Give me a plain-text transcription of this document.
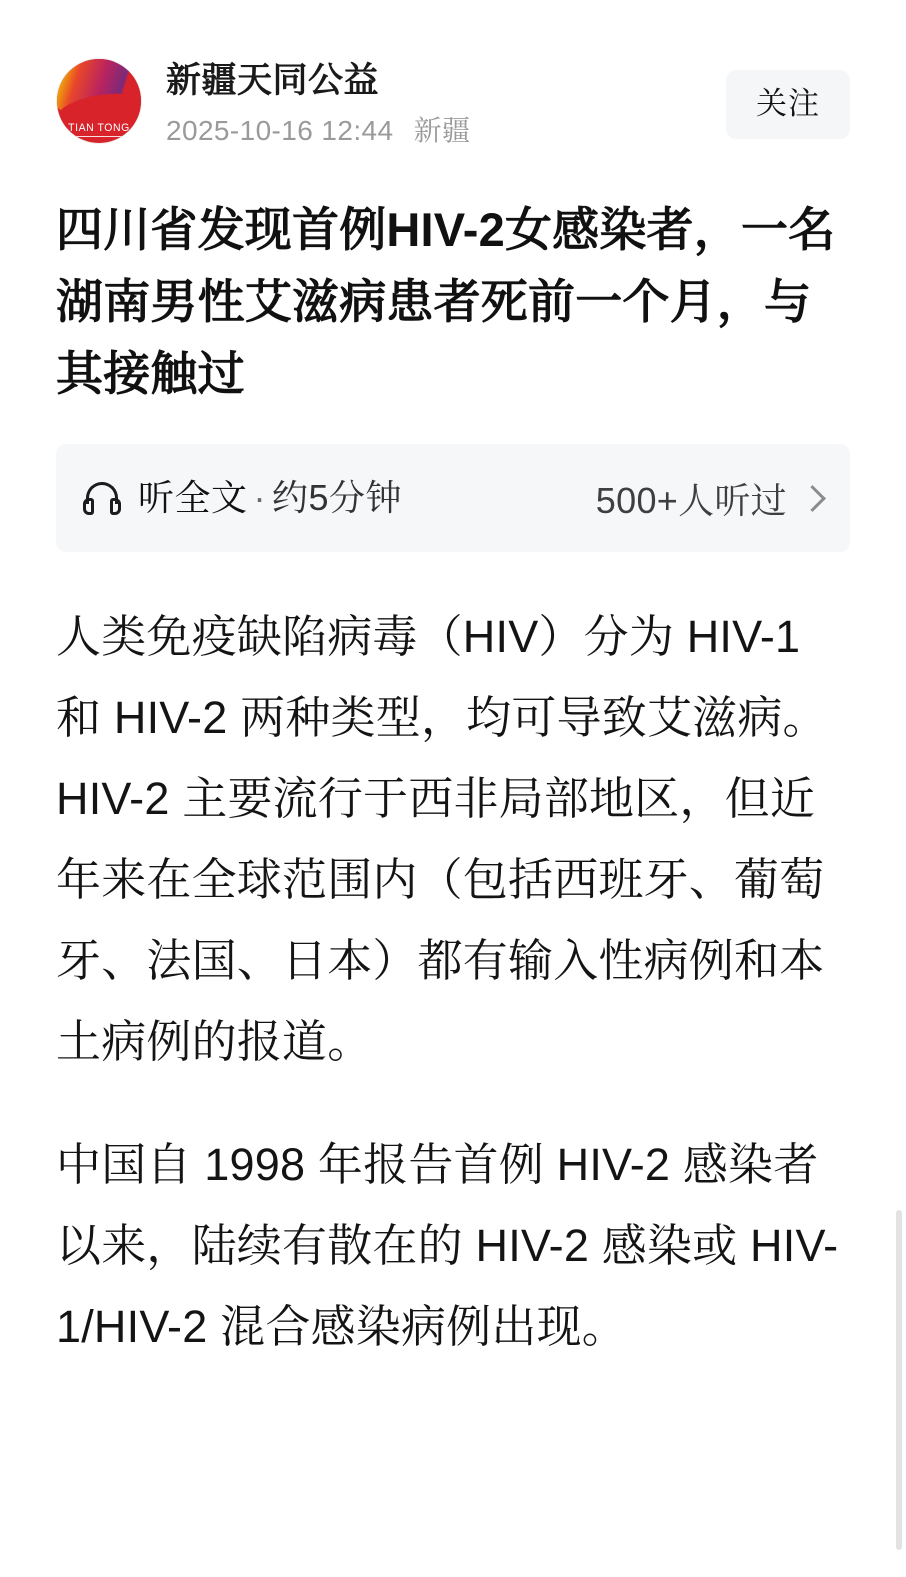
TIAN TONG
新疆天同公益
2025-10-16 12:44 新疆
关注
四川省发现首例HIV-2女感染者，一名湖南男性艾滋病患者死前一个月，与其接触过
听全文 · 约5分钟	500+人听过

人类免疫缺陷病毒（HIV）分为 HIV-1 和 HIV-2 两种类型，均可导致艾滋病。HIV-2 主要流行于西非局部地区，但近年来在全球范围内（包括西班牙、葡萄牙、法国、日本）都有输入性病例和本土病例的报道。

中国自 1998 年报告首例 HIV-2 感染者以来，陆续有散在的 HIV-2 感染或 HIV-1/HIV-2 混合感染病例出现。
